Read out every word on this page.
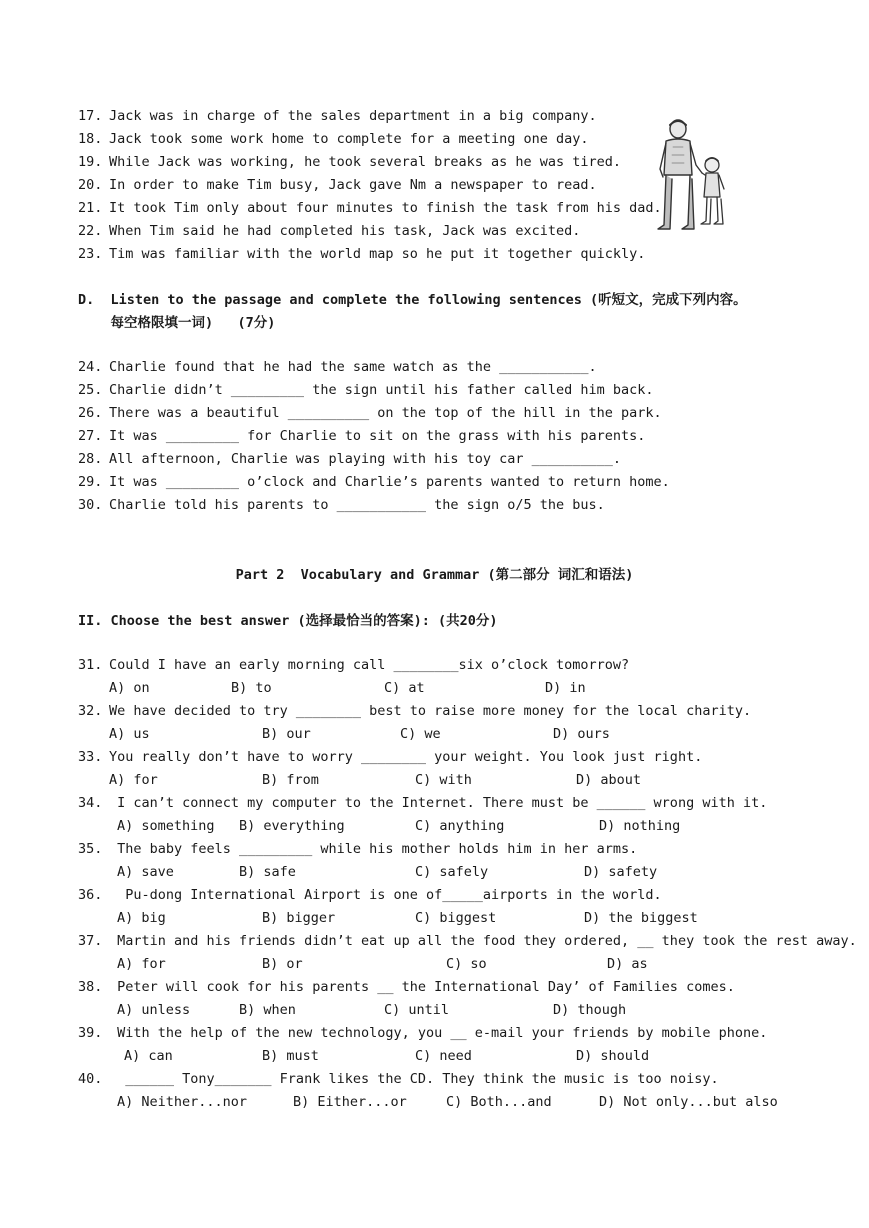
17. Jack was in charge of the sales department in a big company.
18. Jack took some work home to complete for a meeting one day.
19. While Jack was working, he took several breaks as he was tired.
20. In order to make Tim busy, Jack gave Nm a newspaper to read.
21. It took Tim only about four minutes to finish the task from his dad.
22. When Tim said he had completed his task, Jack was excited.
23. Tim was familiar with the world map so he put it together quickly.
D.  Listen to the passage and complete the following sentences (听短文，完成下列内容。
每空格限填一词)   (7分)
24. Charlie found that he had the same watch as the ___________.
25. Charlie didn’t _________ the sign until his father called him back.
26. There was a beautiful __________ on the top of the hill in the park.
27. It was _________ for Charlie to sit on the grass with his parents.
28. All afternoon, Charlie was playing with his toy car __________.
29. It was _________ o’clock and Charlie’s parents wanted to return home.
30. Charlie told his parents to ___________ the sign o/5 the bus.
Part 2  Vocabulary and Grammar (第二部分 词汇和语法)
II. Choose the best answer (选择最恰当的答案): (共20分)
31. Could I have an early morning call ________six o’clock tomorrow?
A) on	B) to	C) at	D) in
32. We have decided to try ________ best to raise more money for the local charity.
A) us	B) our	C) we	D) ours
33. You really don’t have to worry ________ your weight. You look just right.
A) for	B) from	C) with	D) about
34. I can’t connect my computer to the Internet. There must be ______ wrong with it.
A) something B) everything	C) anything	D) nothing
35. The baby feels _________ while his mother holds him in her arms.
A) save	B) safe	C) safely	D) safety
36.  Pu-dong International Airport is one of_____airports in the world.
A) big	B) bigger	C) biggest	D) the biggest
37. Martin and his friends didn’t eat up all the food they ordered, __ they took the rest away.
A) for	B) or	C) so	D) as
38. Peter will cook for his parents __ the International Day’ of Families comes.
A) unless	B) when	C) until	D) though
39. With the help of the new technology, you __ e-mail your friends by mobile phone.
A) can	B) must	C) need	D) should
40.  ______ Tony_______ Frank likes the CD. They think the music is too noisy.
A) Neither...nor	B) Either...or	C) Both...and	D) Not only...but also
